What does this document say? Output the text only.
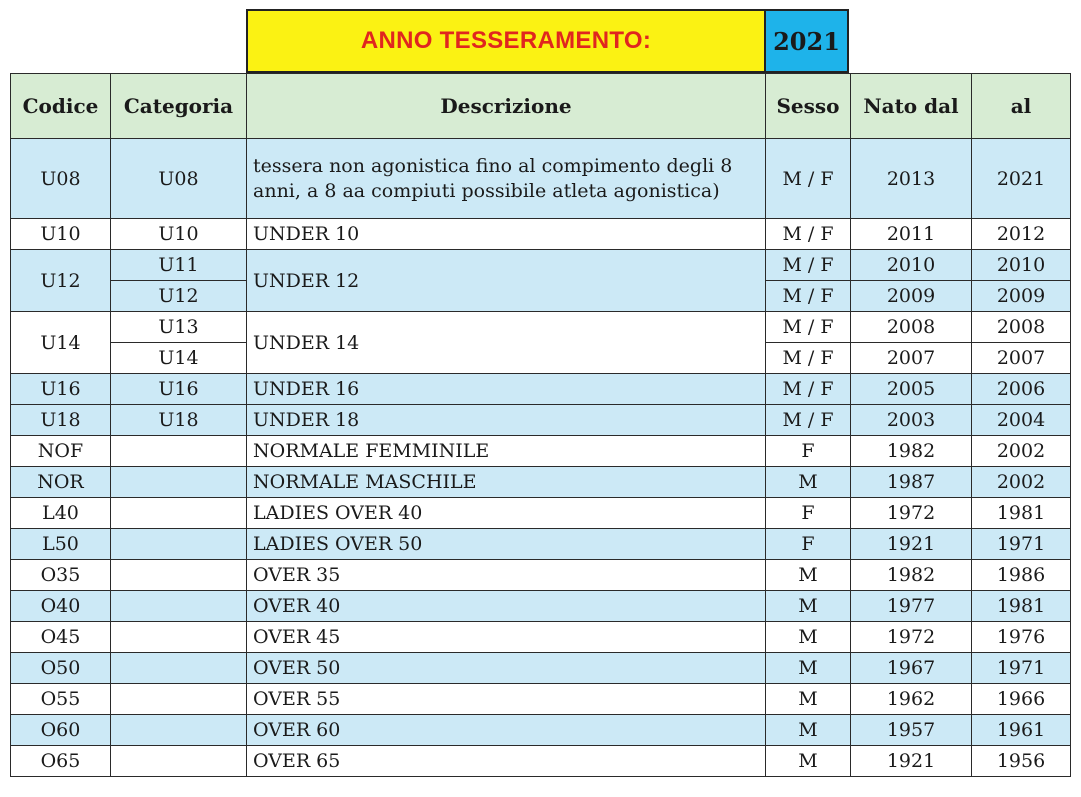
ANNO TESSERAMENTO:	2021
Codice	Categoria	Descrizione	Sesso	Nato dal	al
U08	U08	tessera non agonistica fino al compimento degli 8 anni, a 8 aa compiuti possibile atleta agonistica)	M / F	2013	2021
U10	U10	UNDER 10	M / F	2011	2012
U12	U11	UNDER 12	M / F	2010	2010
	U12		M / F	2009	2009
U14	U13	UNDER 14	M / F	2008	2008
	U14		M / F	2007	2007
U16	U16	UNDER 16	M / F	2005	2006
U18	U18	UNDER 18	M / F	2003	2004
NOF		NORMALE FEMMINILE	F	1982	2002
NOR		NORMALE MASCHILE	M	1987	2002
L40		LADIES OVER 40	F	1972	1981
L50		LADIES OVER 50	F	1921	1971
O35		OVER 35	M	1982	1986
O40		OVER 40	M	1977	1981
O45		OVER 45	M	1972	1976
O50		OVER 50	M	1967	1971
O55		OVER 55	M	1962	1966
O60		OVER 60	M	1957	1961
O65		OVER 65	M	1921	1956
